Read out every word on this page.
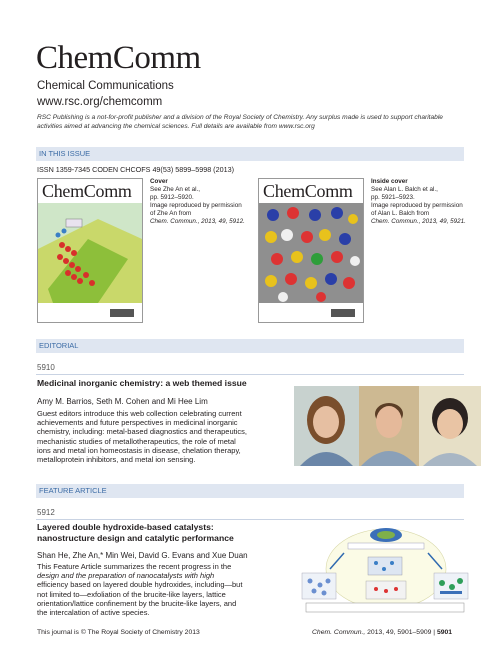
ChemComm
Chemical Communications
www.rsc.org/chemcomm
RSC Publishing is a not-for-profit publisher and a division of the Royal Society of Chemistry. Any surplus made is used to support charitable activities aimed at advancing the chemical sciences. Full details are available from www.rsc.org
IN THIS ISSUE
ISSN 1359-7345 CODEN CHCOFS 49(53) 5899–5998 (2013)
ChemComm	Cover
See Zhe An et al.,
pp. 5912–5920.
Image reproduced by permission
of Zhe An from
Chem. Commun., 2013, 49, 5912.
ChemComm	Inside cover
See Alan L. Balch et al.,
pp. 5921–5923.
Image reproduced by permission
of Alan L. Balch from
Chem. Commun., 2013, 49, 5921.
EDITORIAL
5910
Medicinal inorganic chemistry: a web themed issue
Amy M. Barrios, Seth M. Cohen and Mi Hee Lim
Guest editors introduce this web collection celebrating current
achievements and future perspectives in medicinal inorganic
chemistry, including: metal-based diagnostics and therapeutics,
mechanistic studies of metallotherapeutics, the role of metal
ions and metal ion homeostasis in disease, chelation therapy,
metalloprotein inhibitors, and metal ion sensing.
FEATURE ARTICLE
5912
Layered double hydroxide-based catalysts:
nanostructure design and catalytic performance
Shan He, Zhe An,* Min Wei, David G. Evans and Xue Duan
This Feature Article summarizes the recent progress in the
design and the preparation of nanocatalysts with high
efficiency based on layered double hydroxides, including—but
not limited to—exfoliation of the brucite-like layers, lattice
orientation/lattice confinement by the brucite-like layers, and
the intercalation of active species.
This journal is © The Royal Society of Chemistry 2013	Chem. Commun., 2013, 49, 5901–5909 | 5901
